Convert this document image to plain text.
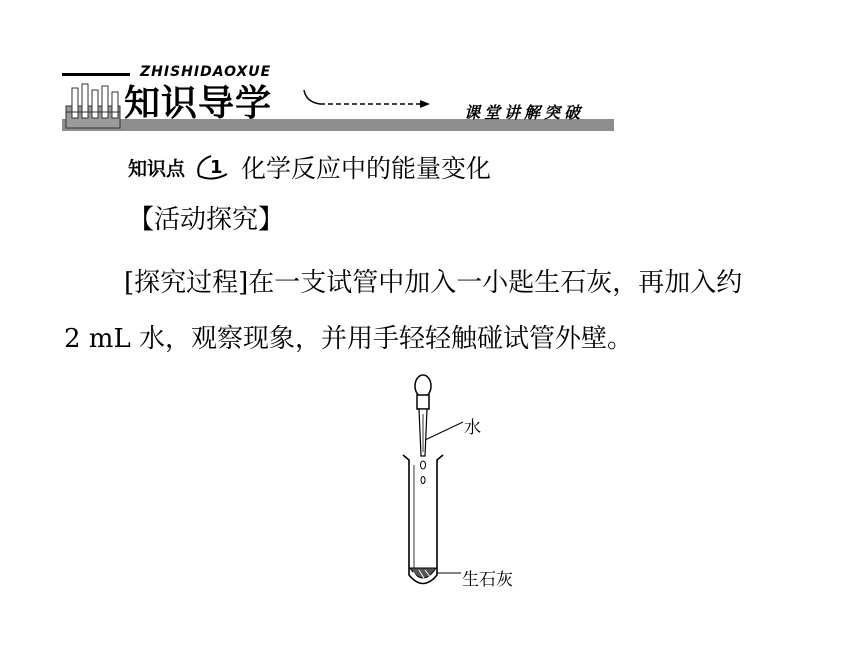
ZHISHIDAOXUE
知识导学	课堂讲解突破
知识点 1 化学反应中的能量变化
【活动探究】
[探究过程]在一支试管中加入一小匙生石灰，再加入约
2 mL 水，观察现象，并用手轻轻触碰试管外壁。
水
生石灰
